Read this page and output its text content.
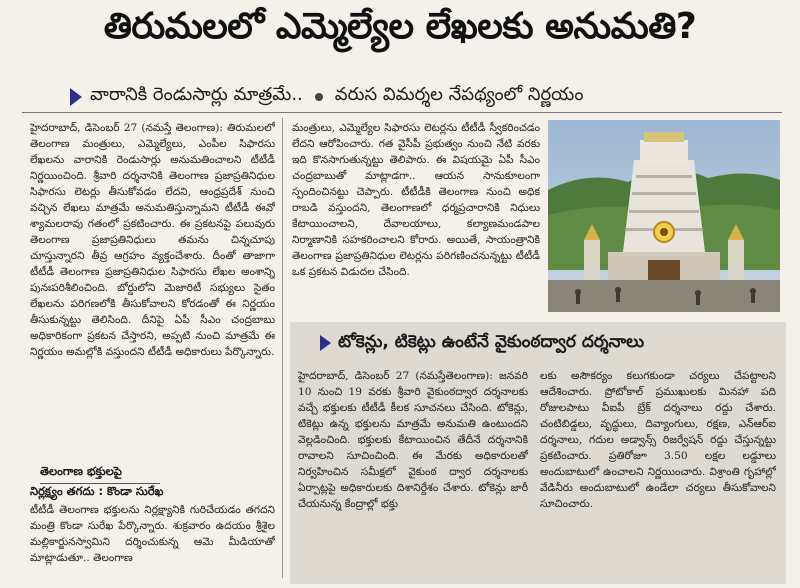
తిరుమలలో ఎమ్మెల్యేల లేఖలకు అనుమతి?
వారానికి రెండుసార్లు మాత్రమే.. వరుస విమర్శల నేపథ్యంలో నిర్ణయం

హైదరాబాద్, డిసెంబర్ 27 (నమస్తే తెలంగాణ): తిరుమలలో తెలంగాణ మంత్రులు, ఎమ్మెల్యేలు, ఎంపీల సిఫారసు లేఖలను వారానికి రెండుసార్లు అనుమతించాలని టీటీడీ నిర్ణయించింది. శ్రీవారి దర్శనానికి తెలంగాణ ప్రజాప్రతినిధుల సిఫారసు లెటర్లు తీసుకోవడం లేదని, ఆంధ్రప్రదేశ్ నుంచి వచ్చిన లేఖలు మాత్రమే అనుమతిస్తున్నామని టీటీడీ ఈవో శ్యామలరావు గతంలో ప్రకటించారు. ఈ ప్రకటనపై పలువురు తెలంగాణ ప్రజాప్రతినిధులు తమను చిన్నచూపు చూస్తున్నారని తీవ్ర ఆగ్రహం వ్యక్తంచేశారు. దీంతో తాజాగా టీటీడీ తెలంగాణ ప్రజాప్రతినిధుల సిఫారసు లేఖల అంశాన్ని పునఃపరిశీలించింది. బోర్డులోని మెజారిటీ సభ్యులు సైతం లేఖలను పరిగణలోకి తీసుకోవాలని కోరడంతో ఈ నిర్ణయం తీసుకున్నట్టు తెలిసింది. దీనిపై ఏపీ సీఎం చంద్రబాబు అధికారికంగా ప్రకటన చేస్తారని, అప్పటి నుంచి మాత్రమే ఈ నిర్ణయం అమల్లోకి వస్తుందని టీటీడీ అధికారులు పేర్కొన్నారు.

మంత్రులు, ఎమ్మెల్యేల సిఫారసు లెటర్లను టీటీడీ స్వీకరించడం లేదని ఆరోపించారు. గత వైసీపీ ప్రభుత్వం నుంచి నేటి వరకు ఇది కొనసాగుతున్నట్టు తెలిపారు. ఈ విషయమై ఏపీ సీఎం చంద్రబాబుతో మాట్లాడగా.. ఆయన సానుకూలంగా స్పందించినట్టు చెప్పారు. టీటీడీకి తెలంగాణ నుంచి అధిక రాబడి వస్తుందని, తెలంగాణలో ధర్మప్రచారానికి నిధులు కేటాయించాలని, దేవాలయాలు, కల్యాణమండపాల నిర్మాణానికి సహకరించాలని కోరారు. అయితే, సాయంత్రానికి తెలంగాణ ప్రజాప్రతినిధుల లెటర్లను పరిగణించనున్నట్టు టీటీడీ ఒక ప్రకటన విడుదల చేసింది.

తెలంగాణ భక్తులపై
నిర్లక్ష్యం తగదు : కొండా సురేఖ

టీటీడీ తెలంగాణ భక్తులను నిర్లక్ష్యానికి గురిచేయడం తగదని మంత్రి కొండా సురేఖ పేర్కొన్నారు. శుక్రవారం ఉదయం శ్రీశైల మల్లికార్జునస్వామిని దర్శించుకున్న ఆమె మీడియాతో మాట్లాడుతూ.. తెలంగాణ

టోకెన్లు, టికెట్లు ఉంటేనే వైకుంఠద్వార దర్శనాలు

హైదరాబాద్, డిసెంబర్ 27 (నమస్తేతెలంగాణ): జనవరి 10 నుంచి 19 వరకు శ్రీవారి వైకుంఠద్వార దర్శనాలకు వచ్చే భక్తులకు టీటీడీ కీలక సూచనలు చేసింది. టోకెన్లు, టికెట్లు ఉన్న భక్తులను మాత్రమే అనుమతి ఉంటుందని వెల్లడించింది. భక్తులకు కేటాయించిన తేదీనే దర్శనానికి రావాలని సూచించింది. ఈ మేరకు అధికారులతో నిర్వహించిన సమీక్షలో వైకుంఠ ద్వార దర్శనాలకు ఏర్పాట్లపై అధికారులకు దిశానిర్దేశం చేశారు. టోకెన్లు జారీ చేయనున్న కేంద్రాల్లో భక్తు

లకు అసౌకర్యం కలుగకుండా చర్యలు చేపట్టాలని ఆదేశించారు. ప్రోటోకాల్ ప్రముఖులకు మినహా పది రోజులపాటు వీఐపీ బ్రేక్ దర్శనాలు రద్దు చేశారు. చంటిబిడ్డలు, వృద్ధులు, దివ్యాంగులు, రక్షణ, ఎన్ఆర్ఐ దర్శనాలు, గదుల అడ్వాన్స్ రిజర్వేషన్ రద్దు చేస్తున్నట్టు ప్రకటించారు. ప్రతిరోజూ 3.50 లక్షల లడ్డూలు అందుబాటులో ఉంచాలని నిర్ణయించారు. విశ్రాంతి గృహాల్లో వేడినీరు అందుబాటులో ఉండేలా చర్యలు తీసుకోవాలని సూచించారు.
